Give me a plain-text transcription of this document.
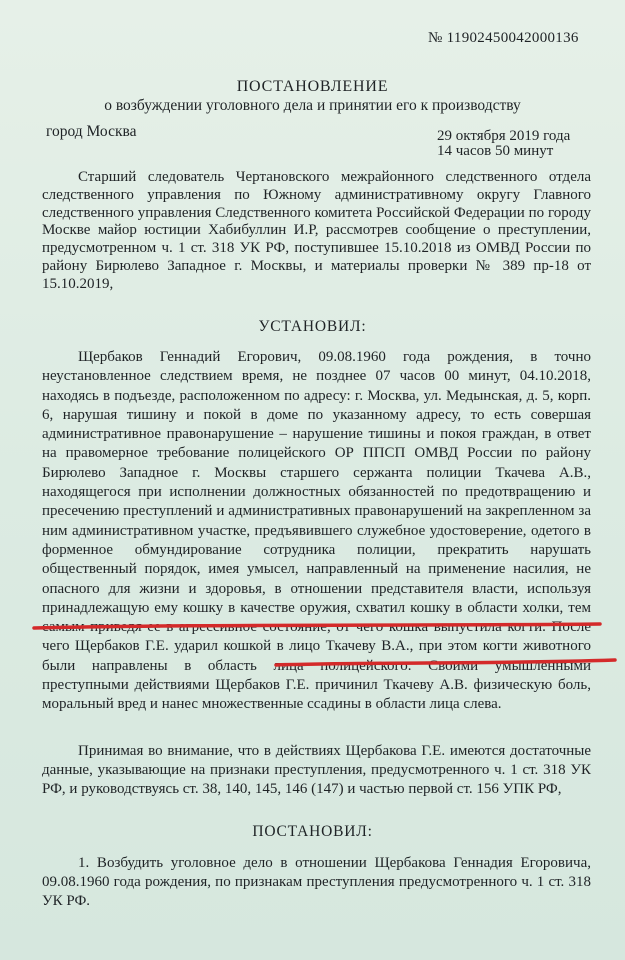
№ 11902450042000136
ПОСТАНОВЛЕНИЕ
о возбуждении уголовного дела и принятии его к производству
город Москва	29 октября 2019 года
14 часов 50 минут
Старший следователь Чертановского межрайонного следственного отдела следственного управления по Южному административному округу Главного следственного управления Следственного комитета Российской Федерации по городу Москве майор юстиции Хабибуллин И.Р, рассмотрев сообщение о преступлении, предусмотренном ч. 1 ст. 318 УК РФ, поступившее 15.10.2018 из ОМВД России по району Бирюлево Западное г. Москвы, и материалы проверки № 389 пр-18 от 15.10.2019,
УСТАНОВИЛ:
Щербаков Геннадий Егорович, 09.08.1960 года рождения, в точно неустановленное следствием время, не позднее 07 часов 00 минут, 04.10.2018, находясь в подъезде, расположенном по адресу: г. Москва, ул. Медынская, д. 5, корп. 6, нарушая тишину и покой в доме по указанному адресу, то есть совершая административное правонарушение – нарушение тишины и покоя граждан, в ответ на правомерное требование полицейского ОР ППСП ОМВД России по району Бирюлево Западное г. Москвы старшего сержанта полиции Ткачева А.В., находящегося при исполнении должностных обязанностей по предотвращению и пресечению преступлений и административных правонарушений на закрепленном за ним административном участке, предъявившего служебное удостоверение, одетого в форменное обмундирование сотрудника полиции, прекратить нарушать общественный порядок, имея умысел, направленный на применение насилия, не опасного для жизни и здоровья, в отношении представителя власти, используя принадлежащую ему кошку в качестве оружия, схватил кошку в области холки, тем самым приведя ее в агрессивное состояние, от чего кошка выпустила когти. После чего Щербаков Г.Е. ударил кошкой в лицо Ткачеву В.А., при этом когти животного были направлены в область лица полицейского. Своими умышленными преступными действиями Щербаков Г.Е. причинил Ткачеву А.В. физическую боль, моральный вред и нанес множественные ссадины в области лица слева.
Принимая во внимание, что в действиях Щербакова Г.Е. имеются достаточные данные, указывающие на признаки преступления, предусмотренного ч. 1 ст. 318 УК РФ, и руководствуясь ст. 38, 140, 145, 146 (147) и частью первой ст. 156 УПК РФ,
ПОСТАНОВИЛ:
1. Возбудить уголовное дело в отношении Щербакова Геннадия Егоровича, 09.08.1960 года рождения, по признакам преступления предусмотренного ч. 1 ст. 318 УК РФ.
